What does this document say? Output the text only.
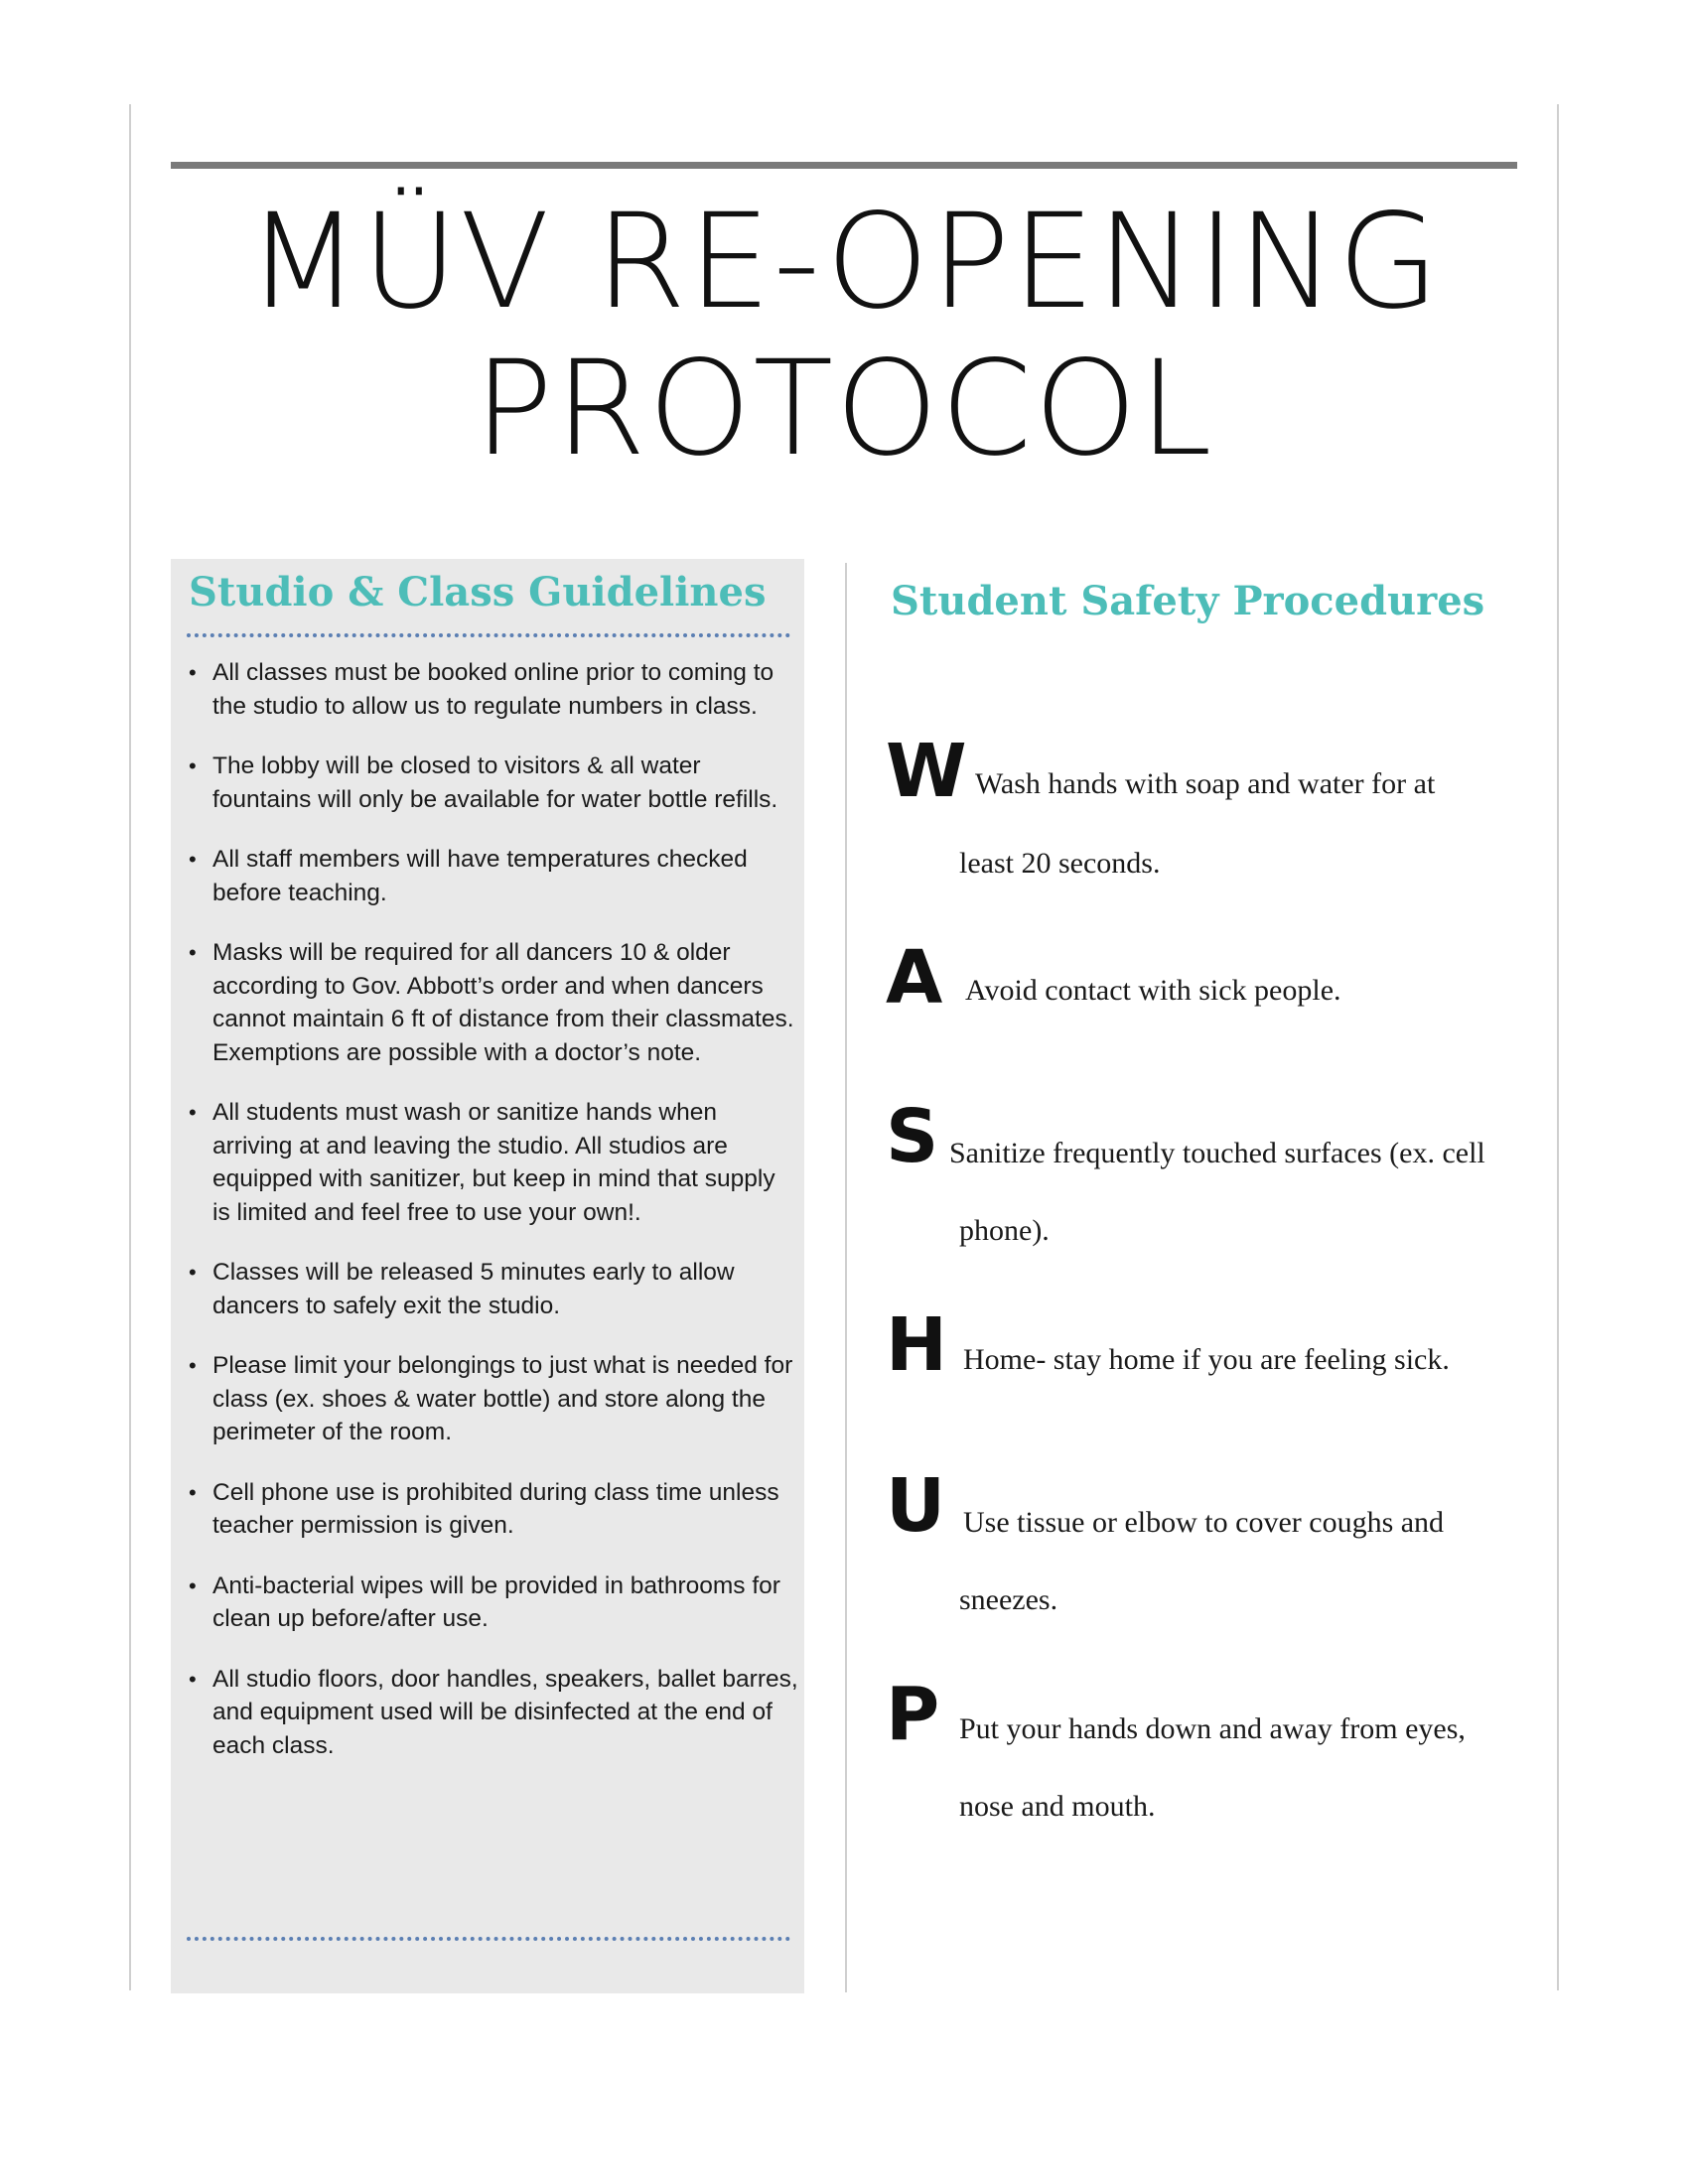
MÜV RE-OPENING
PROTOCOL
Studio & Class Guidelines
• All classes must be booked online prior to coming to the studio to allow us to regulate numbers in class.
• The lobby will be closed to visitors & all water fountains will only be available for water bottle refills.
• All staff members will have temperatures checked before teaching.
• Masks will be required for all dancers 10 & older according to Gov. Abbott’s order and when dancers cannot maintain 6 ft of distance from their classmates. Exemptions are possible with a doctor’s note.
• All students must wash or sanitize hands when arriving at and leaving the studio. All studios are equipped with sanitizer, but keep in mind that supply is limited and feel free to use your own!.
• Classes will be released 5 minutes early to allow dancers to safely exit the studio.
• Please limit your belongings to just what is needed for class (ex. shoes & water bottle) and store along the perimeter of the room.
• Cell phone use is prohibited during class time unless teacher permission is given.
• Anti-bacterial wipes will be provided in bathrooms for clean up before/after use.
• All studio floors, door handles, speakers, ballet barres, and equipment used will be disinfected at the end of each class.
Student Safety Procedures
W Wash hands with soap and water for at
least 20 seconds.
A Avoid contact with sick people.
S Sanitize frequently touched surfaces (ex. cell
phone).
H Home- stay home if you are feeling sick.
U Use tissue or elbow to cover coughs and
sneezes.
P Put your hands down and away from eyes,
nose and mouth.
